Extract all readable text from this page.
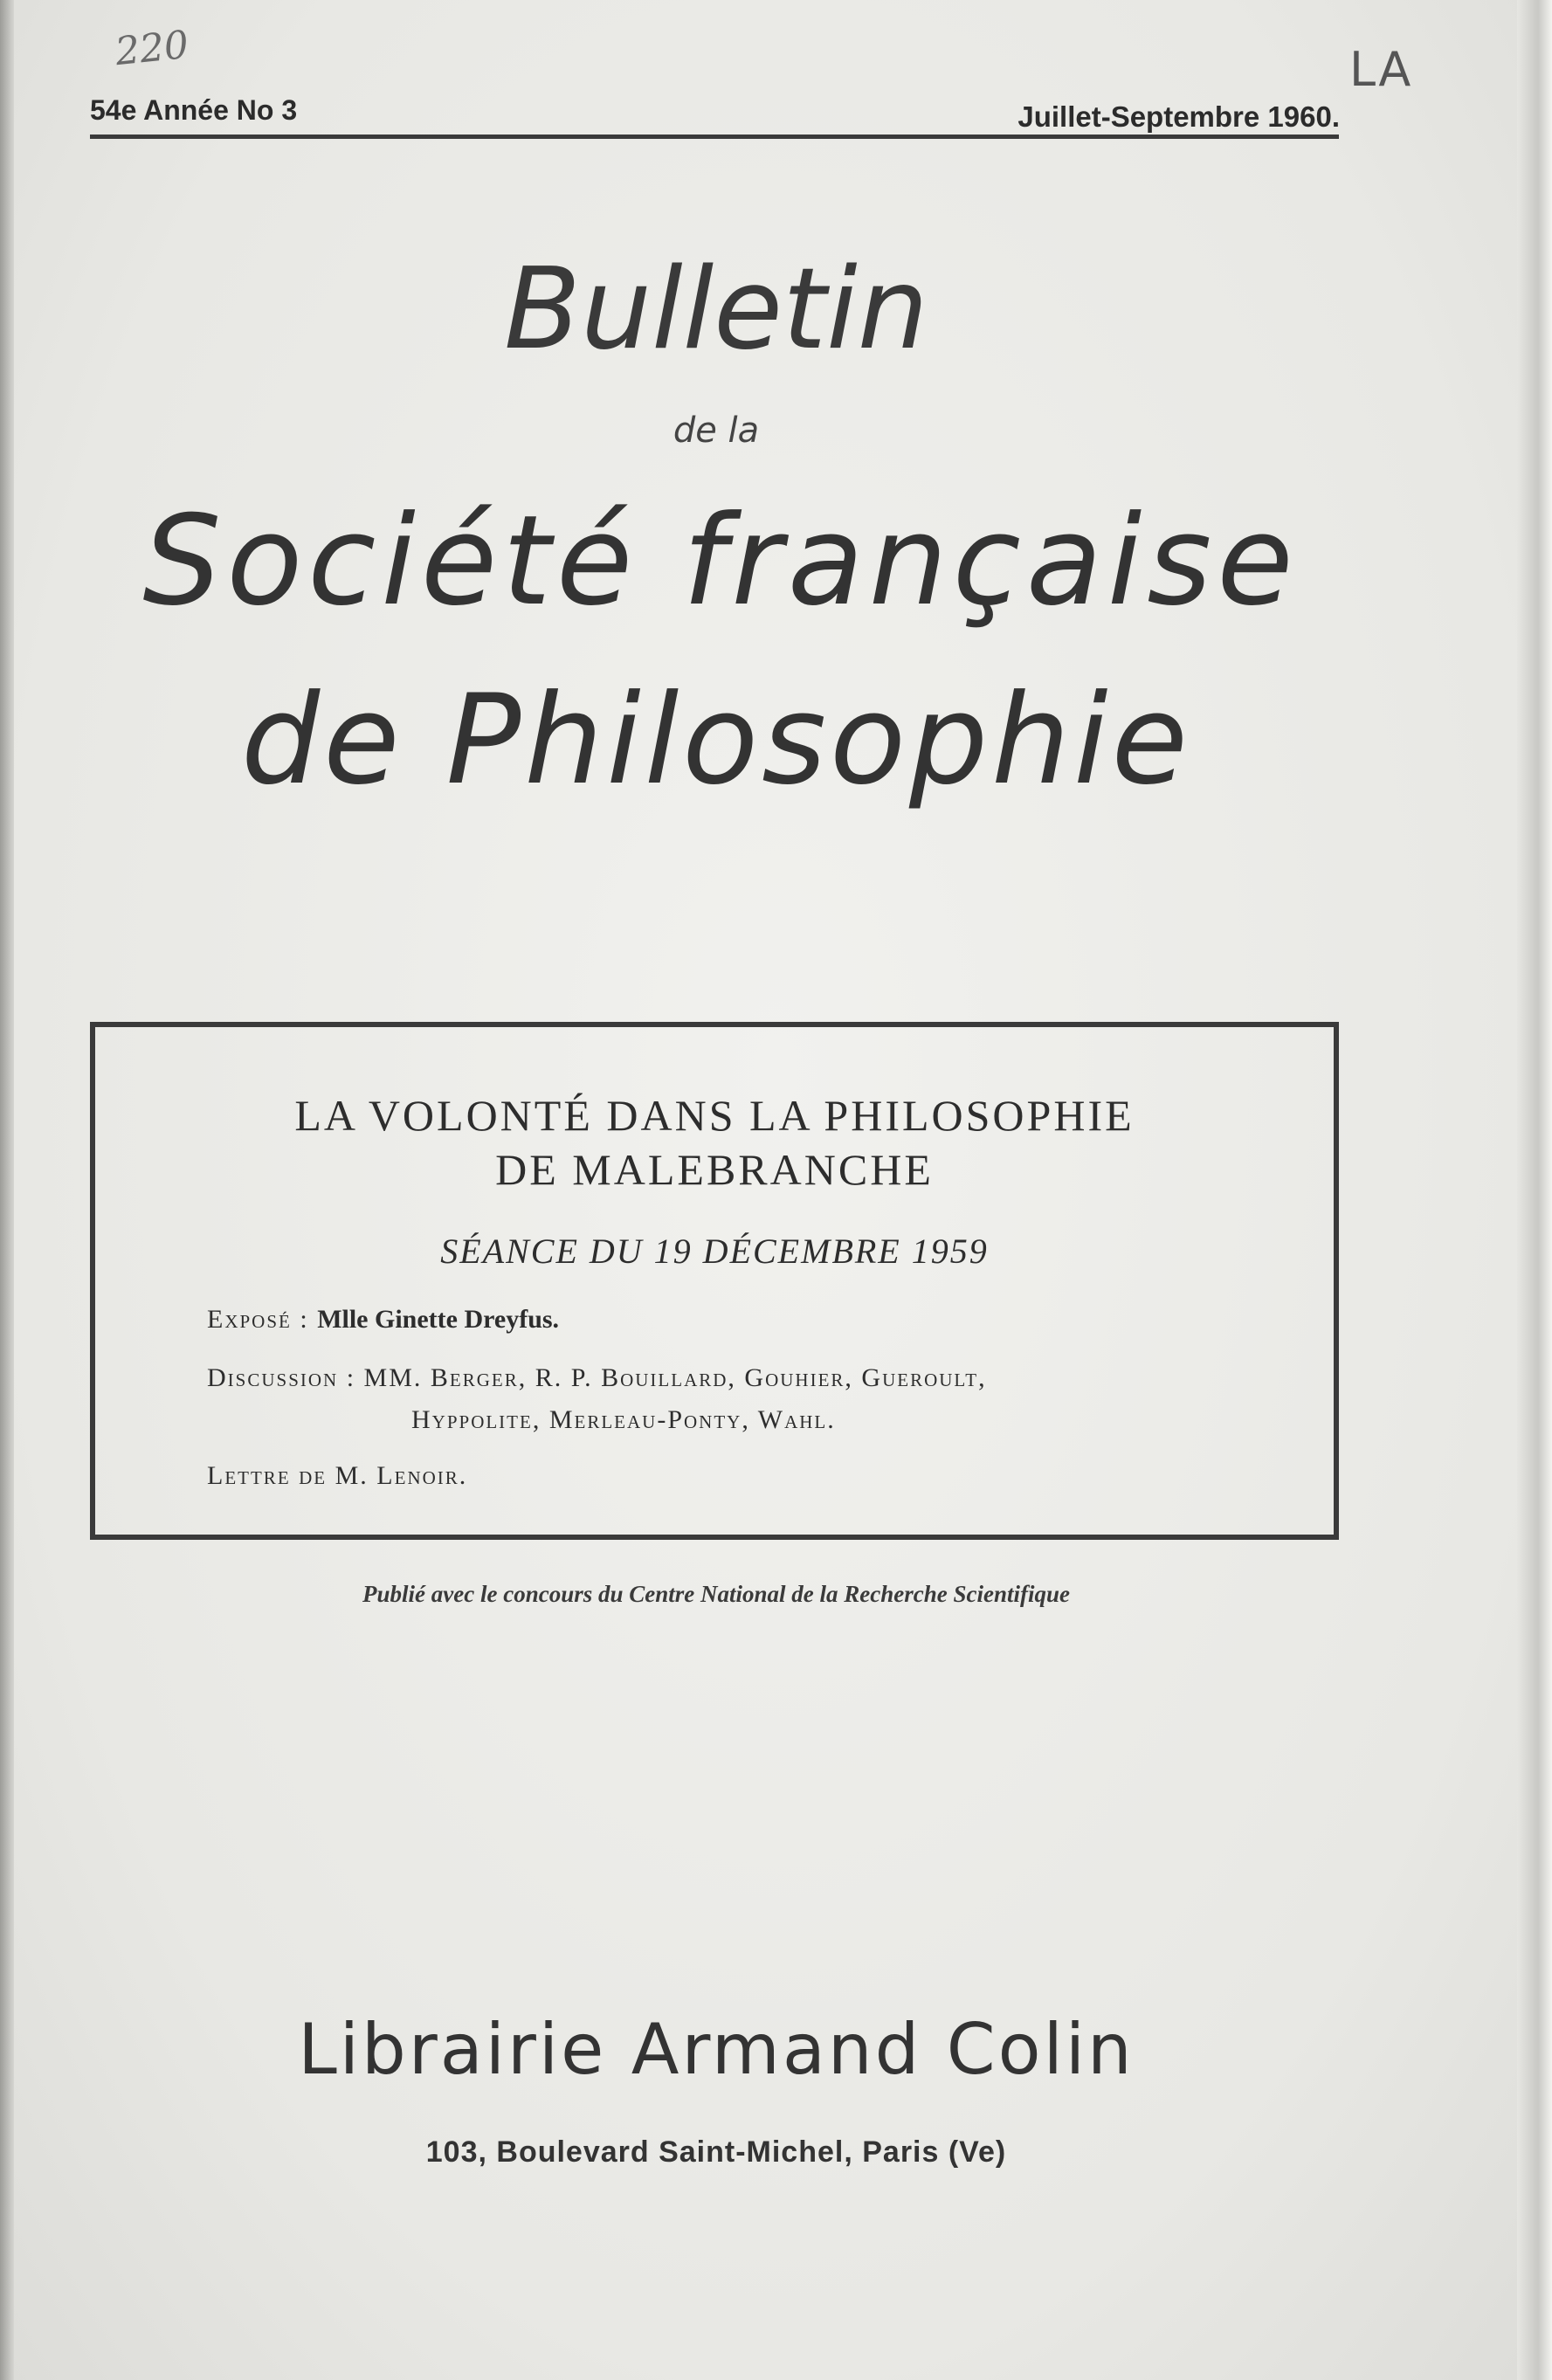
220	LA
54e Année No 3	Juillet-Septembre 1960.
Bulletin
de la
Société française
de Philosophie
LA VOLONTÉ DANS LA PHILOSOPHIE
DE MALEBRANCHE
SÉANCE DU 19 DÉCEMBRE 1959
Exposé : Mlle Ginette Dreyfus.
Discussion : MM. Berger, R. P. Bouillard, Gouhier, Gueroult,
Hyppolite, Merleau-Ponty, Wahl.
Lettre de M. Lenoir.
Publié avec le concours du Centre National de la Recherche Scientifique
Librairie Armand Colin
103, Boulevard Saint-Michel, Paris (Ve)
